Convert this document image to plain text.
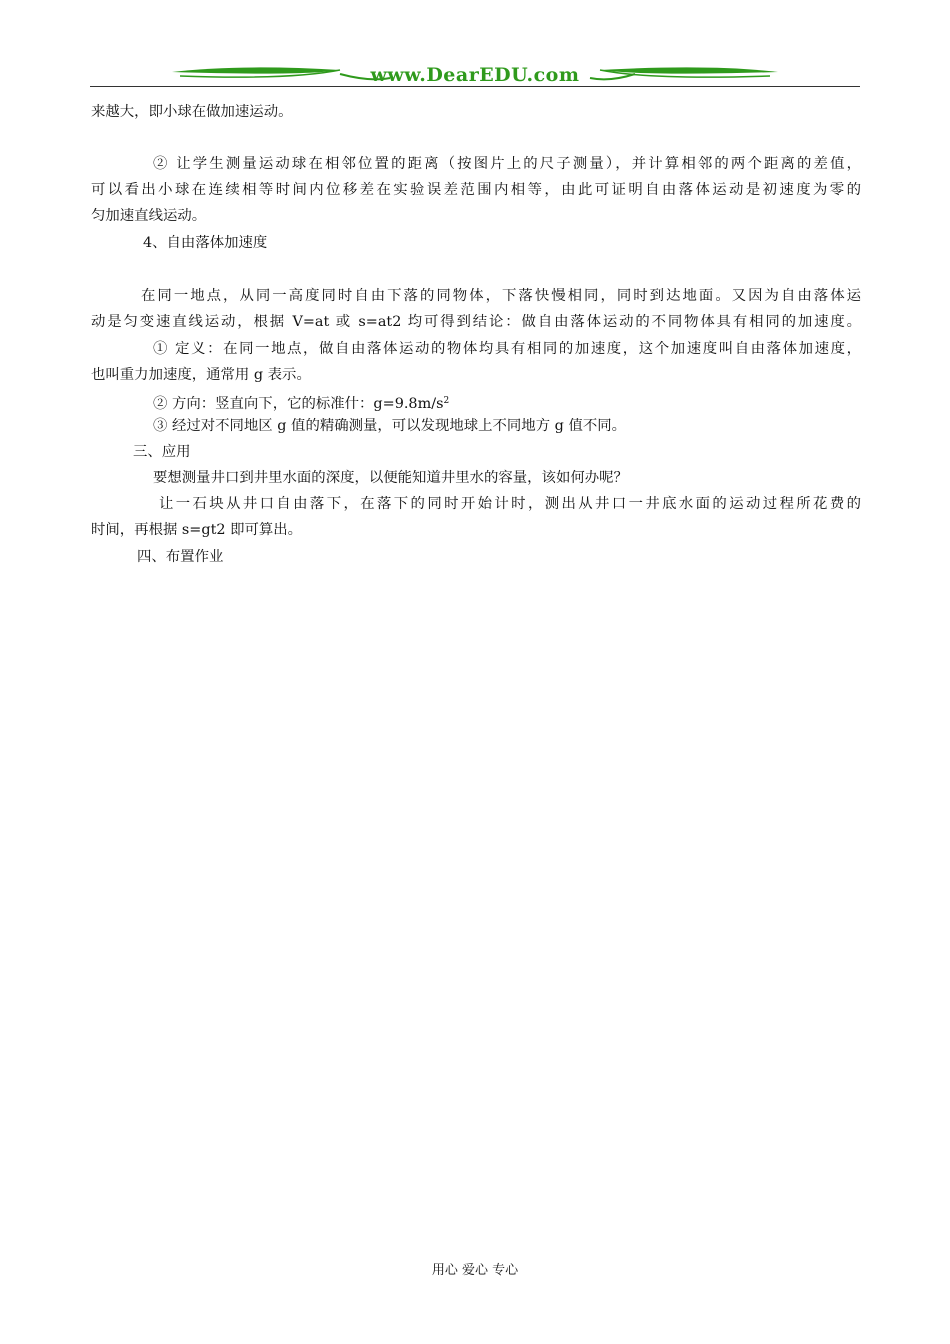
www.DearEDU.com
来越大，即小球在做加速运动。
② 让学生测量运动球在相邻位置的距离（按图片上的尺子测量），并计算相邻的两个距离的差值，
可以看出小球在连续相等时间内位移差在实验误差范围内相等，由此可证明自由落体运动是初速度为零的
匀加速直线运动。
4、自由落体加速度
在同一地点，从同一高度同时自由下落的同物体，下落快慢相同，同时到达地面。又因为自由落体运
动是匀变速直线运动，根据 V=at 或 s=at2 均可得到结论：做自由落体运动的不同物体具有相同的加速度。
① 定义：在同一地点，做自由落体运动的物体均具有相同的加速度，这个加速度叫自由落体加速度，
也叫重力加速度，通常用 g 表示。
② 方向：竖直向下，它的标准什：$g=9.8m/s^2$
③ 经过对不同地区 g 值的精确测量，可以发现地球上不同地方 g 值不同。
三、应用
要想测量井口到井里水面的深度，以便能知道井里水的容量，该如何办呢？
让一石块从井口自由落下，在落下的同时开始计时，测出从井口一井底水面的运动过程所花费的
时间，再根据 s=gt2 即可算出。
四、布置作业
用心 爱心 专心
